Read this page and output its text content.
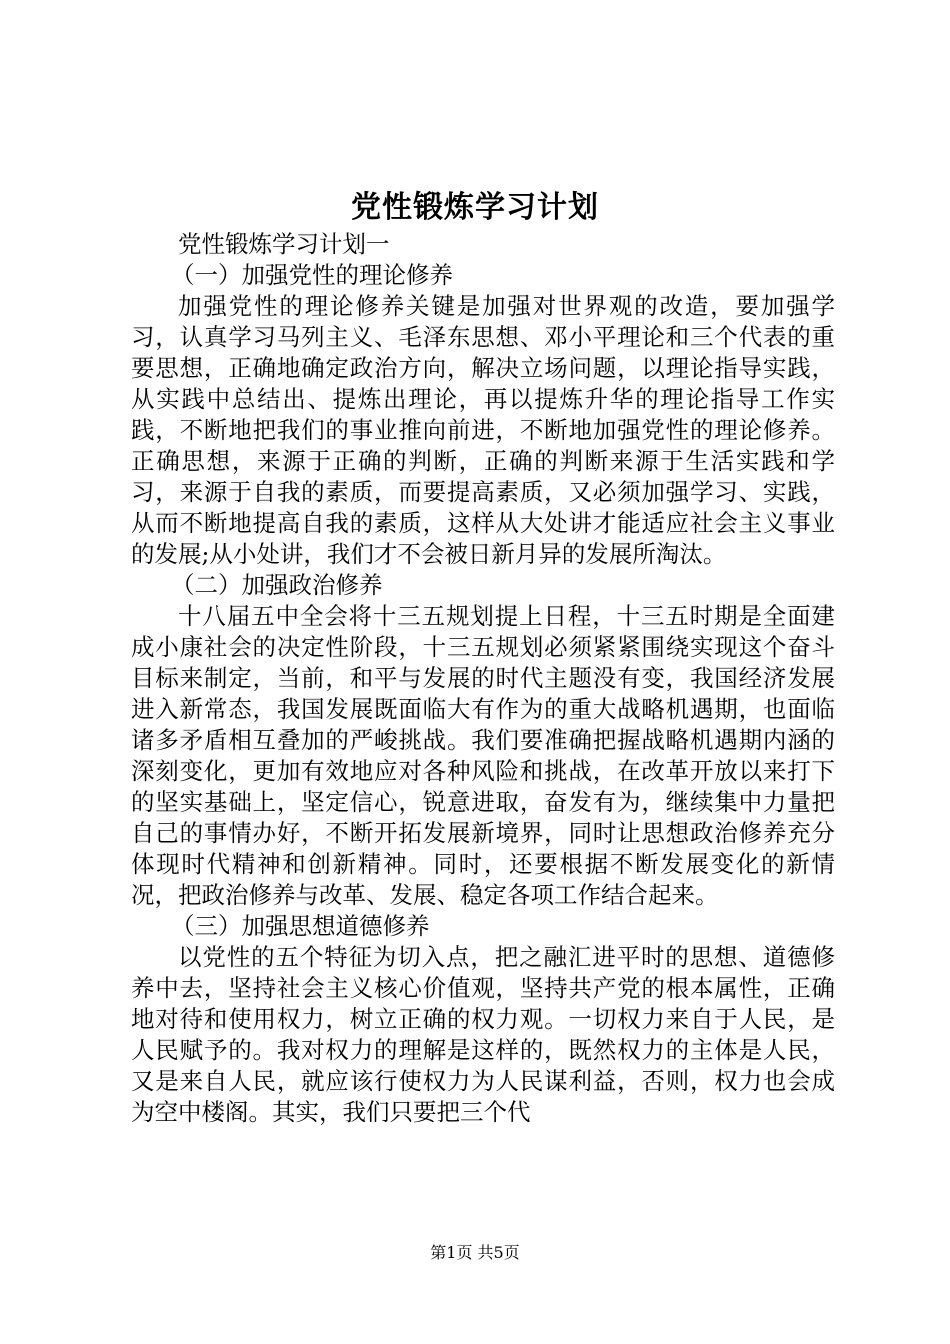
党性锻炼学习计划

党性锻炼学习计划一

（一）加强党性的理论修养

加强党性的理论修养关键是加强对世界观的改造，要加强学习，认真学习马列主义、毛泽东思想、邓小平理论和三个代表的重要思想，正确地确定政治方向，解决立场问题，以理论指导实践，从实践中总结出、提炼出理论，再以提炼升华的理论指导工作实践，不断地把我们的事业推向前进，不断地加强党性的理论修养。正确思想，来源于正确的判断，正确的判断来源于生活实践和学习，来源于自我的素质，而要提高素质，又必须加强学习、实践，从而不断地提高自我的素质，这样从大处讲才能适应社会主义事业的发展;从小处讲，我们才不会被日新月异的发展所淘汰。

（二）加强政治修养

十八届五中全会将十三五规划提上日程，十三五时期是全面建成小康社会的决定性阶段，十三五规划必须紧紧围绕实现这个奋斗目标来制定，当前，和平与发展的时代主题没有变，我国经济发展进入新常态，我国发展既面临大有作为的重大战略机遇期，也面临诸多矛盾相互叠加的严峻挑战。我们要准确把握战略机遇期内涵的深刻变化，更加有效地应对各种风险和挑战，在改革开放以来打下的坚实基础上，坚定信心，锐意进取，奋发有为，继续集中力量把自己的事情办好，不断开拓发展新境界，同时让思想政治修养充分体现时代精神和创新精神。同时，还要根据不断发展变化的新情况，把政治修养与改革、发展、稳定各项工作结合起来。

（三）加强思想道德修养

以党性的五个特征为切入点，把之融汇进平时的思想、道德修养中去，坚持社会主义核心价值观，坚持共产党的根本属性，正确地对待和使用权力，树立正确的权力观。一切权力来自于人民，是人民赋予的。我对权力的理解是这样的，既然权力的主体是人民，又是来自人民，就应该行使权力为人民谋利益，否则，权力也会成为空中楼阁。其实，我们只要把三个代

第1页 共5页
